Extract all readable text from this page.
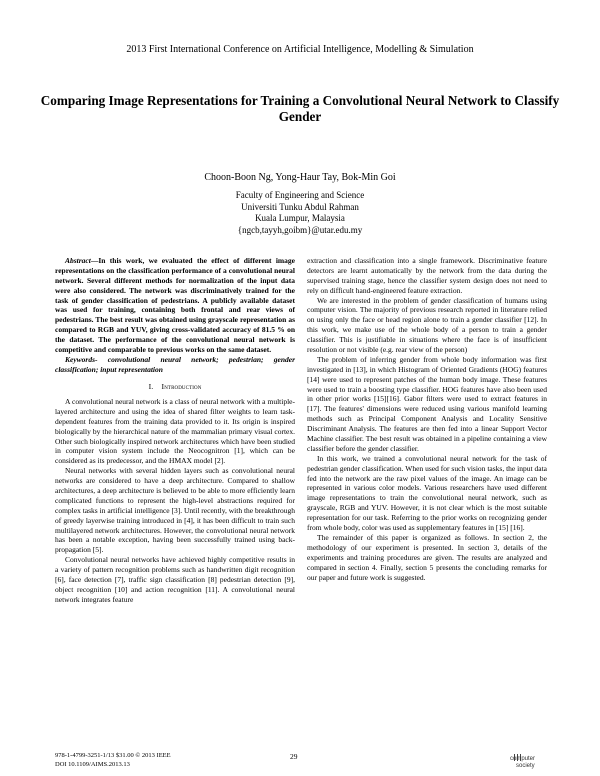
2013 First International Conference on Artificial Intelligence, Modelling & Simulation
Comparing Image Representations for Training a Convolutional Neural Network to Classify Gender
Choon-Boon Ng, Yong-Haur Tay, Bok-Min Goi
Faculty of Engineering and Science
Universiti Tunku Abdul Rahman
Kuala Lumpur, Malaysia
{ngcb,tayyh,goibm}@utar.edu.my

Abstract—In this work, we evaluated the effect of different image representations on the classification performance of a convolutional neural network. Several different methods for normalization of the input data were also considered. The network was discriminatively trained for the task of gender classification of pedestrians. A publicly available dataset was used for training, containing both frontal and rear views of pedestrians. The best result was obtained using grayscale representation as compared to RGB and YUV, giving cross-validated accuracy of 81.5 % on the dataset. The performance of the convolutional neural network is competitive and comparable to previous works on the same dataset.

Keywords- convolutional neural network; pedestrian; gender classification; input representation

I. Introduction

A convolutional neural network is a class of neural network with a multiple-layered architecture and using the idea of shared filter weights to learn task-dependent features from the training data provided to it. Its origin is inspired biologically by the hierarchical nature of the mammalian primary visual cortex. Other such biologically inspired network architectures which have been studied in computer vision system include the Neocognitron [1], which can be considered as its predecessor, and the HMAX model [2].

Neural networks with several hidden layers such as convolutional neural networks are considered to have a deep architecture. Compared to shallow architectures, a deep architecture is believed to be able to more efficiently learn complicated functions to represent the high-level abstractions required for complex tasks in artificial intelligence [3]. Until recently, with the breakthrough of greedy layerwise training introduced in [4], it has been difficult to train such multilayered network architectures. However, the convolutional neural network has been a notable exception, having been successfully trained using back-propagation [5].

Convolutional neural networks have achieved highly competitive results in a variety of pattern recognition problems such as handwritten digit recognition [6], face detection [7], traffic sign classification [8] pedestrian detection [9], object recognition [10] and action recognition [11]. A convolutional neural network integrates feature

extraction and classification into a single framework. Discriminative feature detectors are learnt automatically by the network from the data during the supervised training stage, hence the classifier system design does not need to rely on difficult hand-engineered feature extraction.

We are interested in the problem of gender classification of humans using computer vision. The majority of previous research reported in literature relied on using only the face or head region alone to train a gender classifier [12]. In this work, we make use of the whole body of a person to train a gender classifier. This is justifiable in situations where the face is of insufficient resolution or not visible (e.g. rear view of the person)

The problem of inferring gender from whole body information was first investigated in [13], in which Histogram of Oriented Gradients (HOG) features [14] were used to represent patches of the human body image. These features were used to train a boosting type classifier. HOG features have also been used in other prior works [15][16]. Gabor filters were used to extract features in [17]. The features' dimensions were reduced using various manifold learning methods such as Principal Component Analysis and Locality Sensitive Discriminant Analysis. The features are then fed into a linear Support Vector Machine classifier. The best result was obtained in a pipeline containing a view classifier before the gender classifier.

In this work, we trained a convolutional neural network for the task of pedestrian gender classification. When used for such vision tasks, the input data fed into the network are the raw pixel values of the image. An image can be represented in various color models. Various researchers have used different image representations to train the convolutional neural network, such as grayscale, RGB and YUV. However, it is not clear which is the most suitable representation for our task. Referring to the prior works on recognizing gender from whole body, color was used as supplementary features in [15] [16].

The remainder of this paper is organized as follows. In section 2, the methodology of our experiment is presented. In section 3, details of the experiments and training procedures are given. The results are analyzed and compared in section 4. Finally, section 5 presents the concluding remarks for our paper and future work is suggested.

978-1-4799-3251-1/13 $31.00 © 2013 IEEE
DOI 10.1109/AIMS.2013.13
29	computer
society
